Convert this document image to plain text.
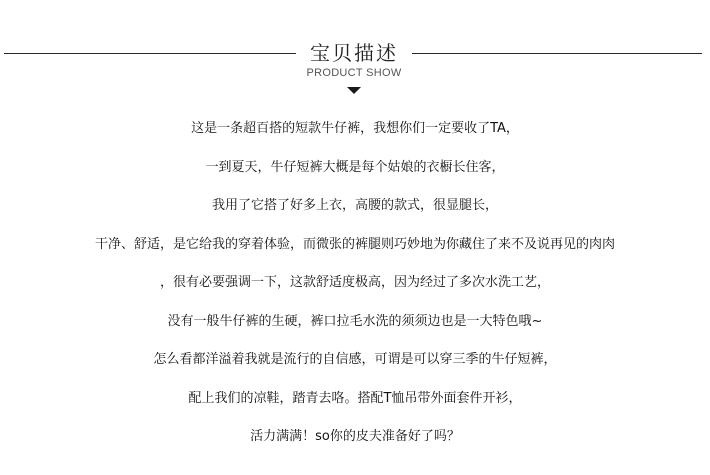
宝贝描述
PRODUCT SHOW
这是一条超百搭的短款牛仔裤，我想你们一定要收了TA，
一到夏天，牛仔短裤大概是每个姑娘的衣橱长住客，
我用了它搭了好多上衣，高腰的款式，很显腿长，
干净、舒适，是它给我的穿着体验，而微张的裤腿则巧妙地为你藏住了来不及说再见的肉肉
，很有必要强调一下，这款舒适度极高，因为经过了多次水洗工艺，
没有一般牛仔裤的生硬，裤口拉毛水洗的须须边也是一大特色哦~
怎么看都洋溢着我就是流行的自信感，可谓是可以穿三季的牛仔短裤，
配上我们的凉鞋，踏青去咯。搭配T恤吊带外面套件开衫，
活力满满！so你的皮夫准备好了吗？
